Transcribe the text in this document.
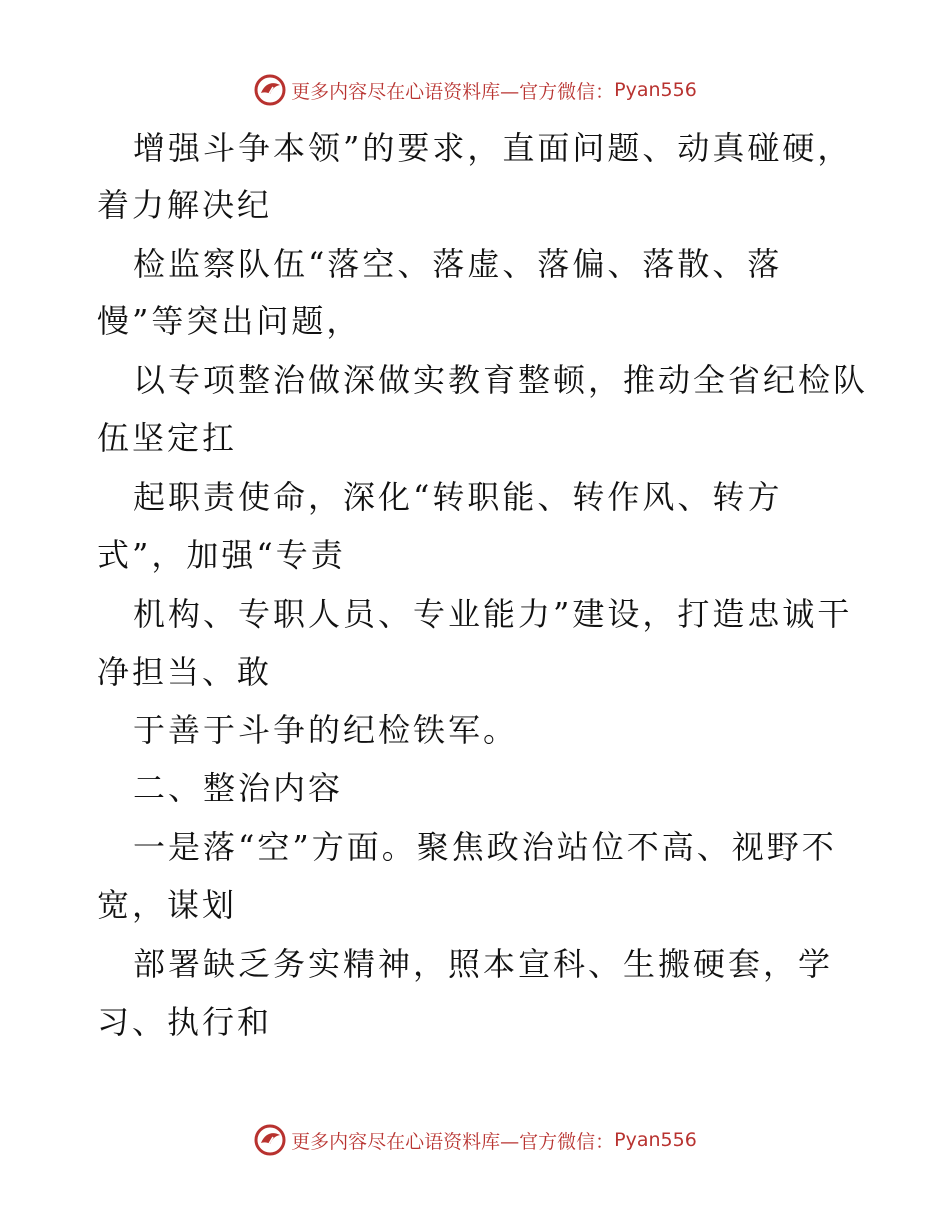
更多内容尽在心语资料库—官方微信： Pyan556
增强斗争本领”的要求，直面问题、动真碰硬，
着力解决纪
检监察队伍“落空、落虚、落偏、落散、落
慢”等突出问题，
以专项整治做深做实教育整顿，推动全省纪检队
伍坚定扛
起职责使命，深化“转职能、转作风、转方
式”，加强“专责
机构、专职人员、专业能力”建设，打造忠诚干
净担当、敢
于善于斗争的纪检铁军。
二、整治内容
一是落“空”方面。聚焦政治站位不高、视野不
宽，谋划
部署缺乏务实精神，照本宣科、生搬硬套，学
习、执行和
更多内容尽在心语资料库—官方微信： Pyan556
